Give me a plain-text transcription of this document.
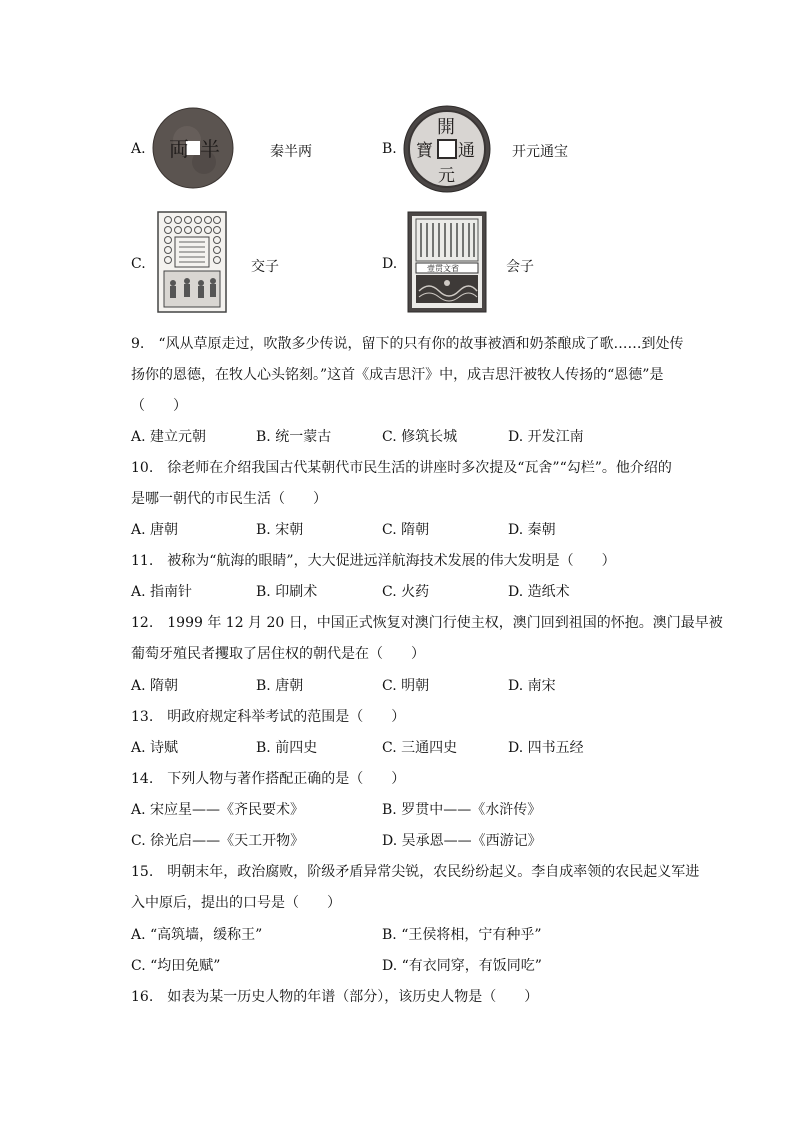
A. 両 半	秦半两	B.
開
元
通
寶	开元通宝
C.	交子	D.	壹贯文省	会子
9.　“风从草原走过，吹散多少传说，留下的只有你的故事被酒和奶茶酿成了歌……到处传
扬你的恩德，在牧人心头铭刻。”这首《成吉思汗》中，成吉思汗被牧人传扬的“恩德”是
（　　）
A. 建立元朝	B. 统一蒙古	C. 修筑长城	D. 开发江南
10.　徐老师在介绍我国古代某朝代市民生活的讲座时多次提及“瓦舍”“勾栏”。他介绍的
是哪一朝代的市民生活（　　）
A. 唐朝	B. 宋朝	C. 隋朝	D. 秦朝
11.　被称为“航海的眼睛”，大大促进远洋航海技术发展的伟大发明是（　　）
A. 指南针	B. 印刷术	C. 火药	D. 造纸术
12.　1999 年 12 月 20 日，中国正式恢复对澳门行使主权，澳门回到祖国的怀抱。澳门最早被
葡萄牙殖民者攫取了居住权的朝代是在（　　）
A. 隋朝	B. 唐朝	C. 明朝	D. 南宋
13.　明政府规定科举考试的范围是（　　）
A. 诗赋	B. 前四史	C. 三通四史	D. 四书五经
14.　下列人物与著作搭配正确的是（　　）
A. 宋应星——《齐民要术》	B. 罗贯中——《水浒传》
C. 徐光启——《天工开物》	D. 吴承恩——《西游记》
15.　明朝末年，政治腐败，阶级矛盾异常尖锐，农民纷纷起义。李自成率领的农民起义军进
入中原后，提出的口号是（　　）
A. “高筑墙，缓称王”	B. “王侯将相，宁有种乎”
C. “均田免赋”	D. “有衣同穿，有饭同吃”
16.　如表为某一历史人物的年谱（部分），该历史人物是（　　）
